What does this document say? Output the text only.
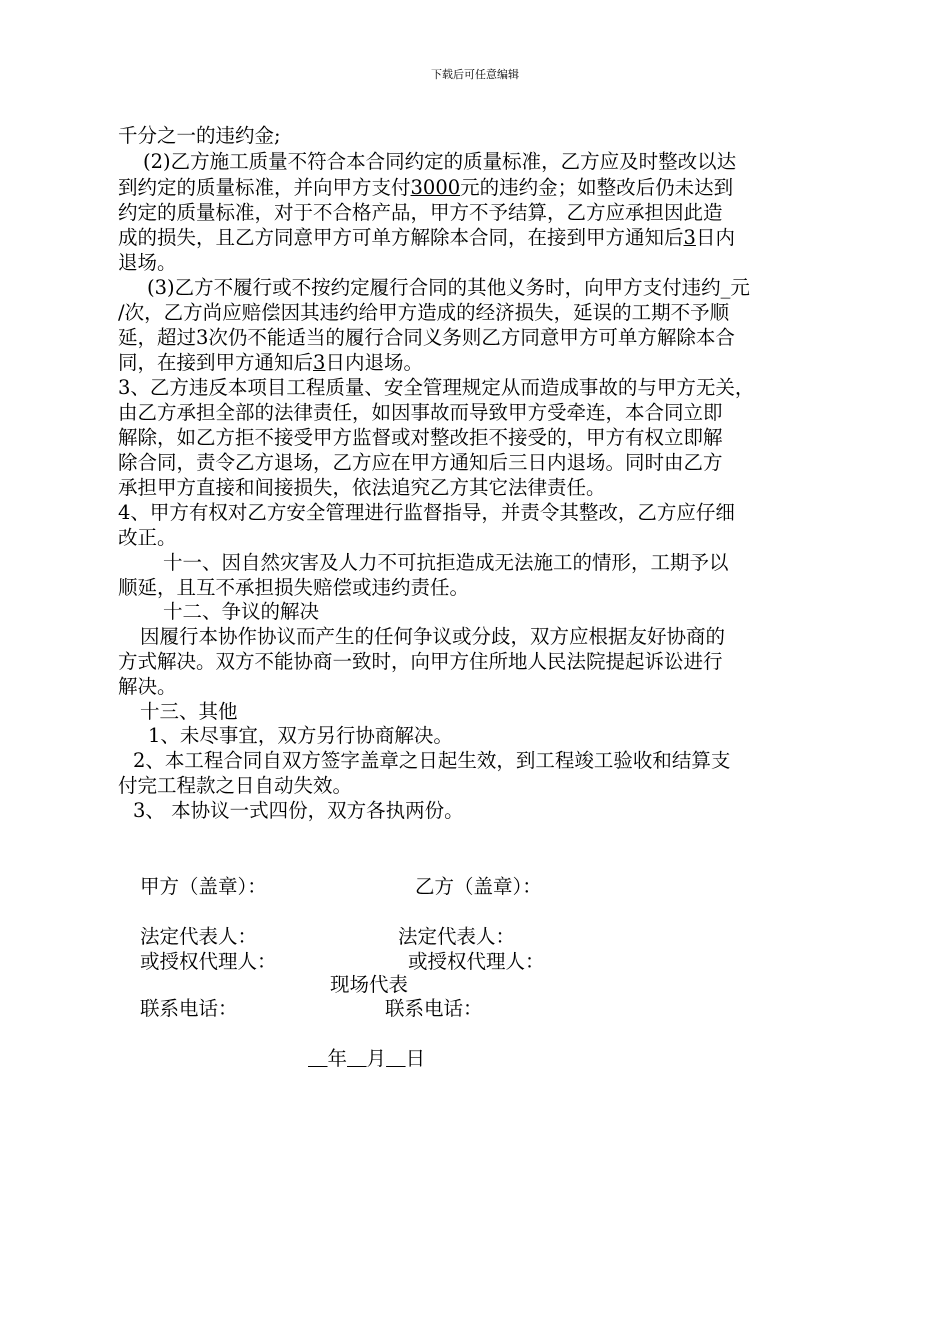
下载后可任意编辑
千分之一的违约金;
(2)乙方施工质量不符合本合同约定的质量标准，乙方应及时整改以达
到约定的质量标准，并向甲方支付3000元的违约金；如整改后仍未达到
约定的质量标准，对于不合格产品，甲方不予结算，乙方应承担因此造
成的损失，且乙方同意甲方可单方解除本合同，在接到甲方通知后3日内
退场。
(3)乙方不履行或不按约定履行合同的其他义务时，向甲方支付违约_元
/次，乙方尚应赔偿因其违约给甲方造成的经济损失，延误的工期不予顺
延，超过3次仍不能适当的履行合同义务则乙方同意甲方可单方解除本合
同，在接到甲方通知后3日内退场。
3、乙方违反本项目工程质量、安全管理规定从而造成事故的与甲方无关，
由乙方承担全部的法律责任，如因事故而导致甲方受牵连，本合同立即
解除，如乙方拒不接受甲方监督或对整改拒不接受的，甲方有权立即解
除合同，责令乙方退场，乙方应在甲方通知后三日内退场。同时由乙方
承担甲方直接和间接损失，依法追究乙方其它法律责任。
4、甲方有权对乙方安全管理进行监督指导，并责令其整改，乙方应仔细
改正。
十一、因自然灾害及人力不可抗拒造成无法施工的情形，工期予以
顺延，且互不承担损失赔偿或违约责任。
十二、争议的解决
因履行本协作协议而产生的任何争议或分歧，双方应根据友好协商的
方式解决。双方不能协商一致时，向甲方住所地人民法院提起诉讼进行
解决。
十三、其他
1、未尽事宜，双方另行协商解决。
2、本工程合同自双方签字盖章之日起生效，到工程竣工验收和结算支
付完工程款之日自动失效。
3、 本协议一式四份，双方各执两份。
甲方（盖章）：	乙方（盖章）：
法定代表人：	法定代表人：
或授权代理人：	或授权代理人：
现场代表
联系电话：	联系电话：
　年　 月　 日
